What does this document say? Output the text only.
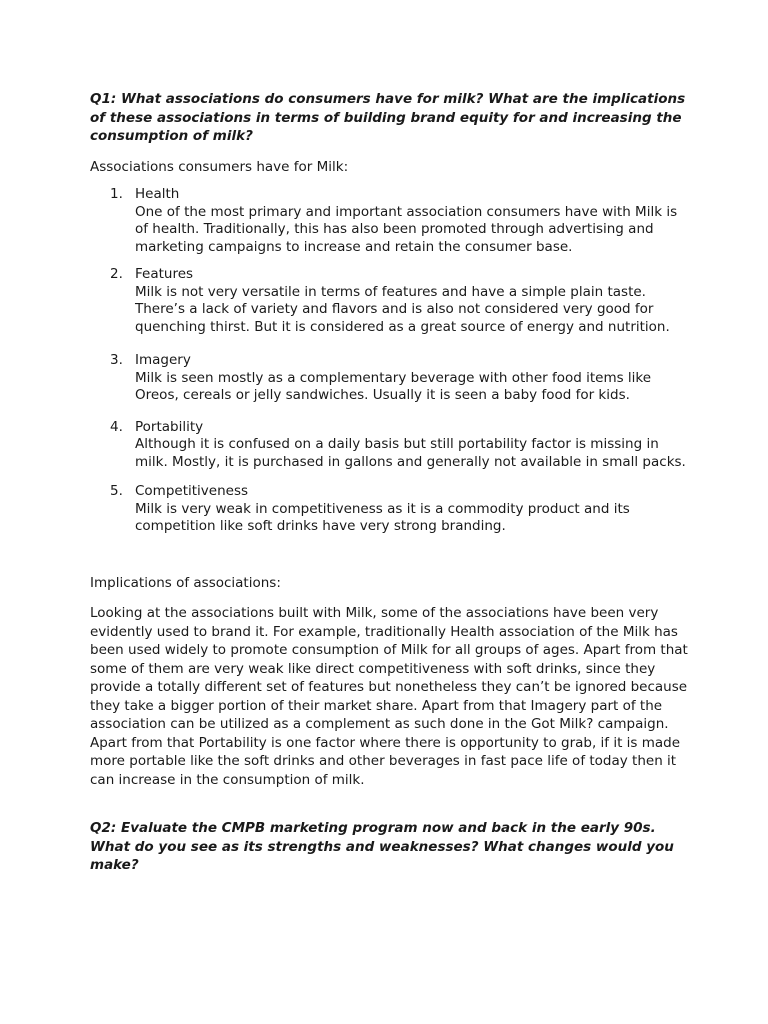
Q1: What associations do consumers have for milk? What are the implications of these associations in terms of building brand equity for and increasing the consumption of milk?

Associations consumers have for Milk:

1. Health
One of the most primary and important association consumers have with Milk is of health. Traditionally, this has also been promoted through advertising and marketing campaigns to increase and retain the consumer base.
2. Features
Milk is not very versatile in terms of features and have a simple plain taste. There’s a lack of variety and flavors and is also not considered very good for quenching thirst. But it is considered as a great source of energy and nutrition.
3. Imagery
Milk is seen mostly as a complementary beverage with other food items like Oreos, cereals or jelly sandwiches. Usually it is seen a baby food for kids.
4. Portability
Although it is confused on a daily basis but still portability factor is missing in milk. Mostly, it is purchased in gallons and generally not available in small packs.
5. Competitiveness
Milk is very weak in competitiveness as it is a commodity product and its competition like soft drinks have very strong branding.

Implications of associations:

Looking at the associations built with Milk, some of the associations have been very evidently used to brand it. For example, traditionally Health association of the Milk has been used widely to promote consumption of Milk for all groups of ages. Apart from that some of them are very weak like direct competitiveness with soft drinks, since they provide a totally different set of features but nonetheless they can’t be ignored because they take a bigger portion of their market share. Apart from that Imagery part of the association can be utilized as a complement as such done in the Got Milk? campaign. Apart from that Portability is one factor where there is opportunity to grab, if it is made more portable like the soft drinks and other beverages in fast pace life of today then it can increase in the consumption of milk.

Q2: Evaluate the CMPB marketing program now and back in the early 90s. What do you see as its strengths and weaknesses? What changes would you make?
